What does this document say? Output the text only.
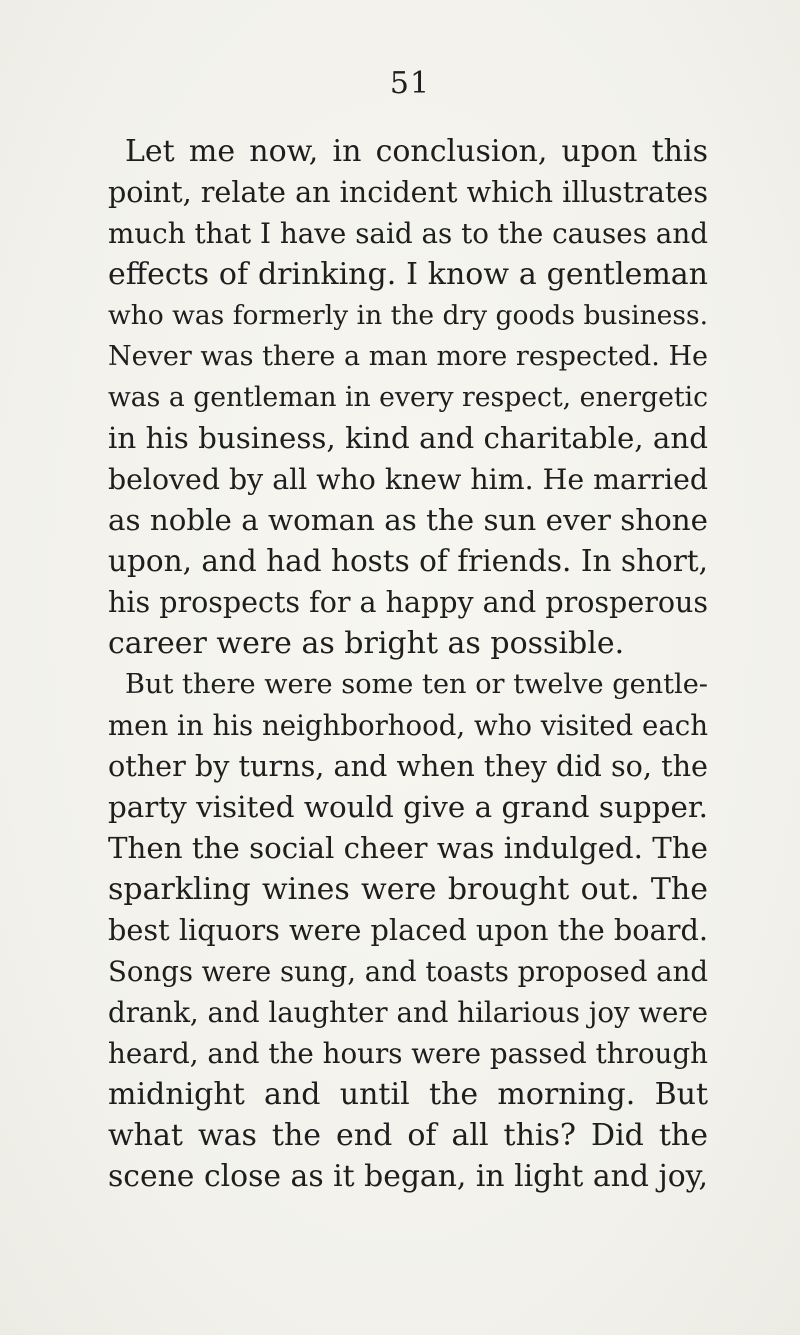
51
Let me now, in conclusion, upon this
point, relate an incident which illustrates
much that I have said as to the causes and
effects of drinking. I know a gentleman
who was formerly in the dry goods business.
Never was there a man more respected. He
was a gentleman in every respect, energetic
in his business, kind and charitable, and
beloved by all who knew him. He married
as noble a woman as the sun ever shone
upon, and had hosts of friends. In short,
his prospects for a happy and prosperous
career were as bright as possible.
But there were some ten or twelve gentle-
men in his neighborhood, who visited each
other by turns, and when they did so, the
party visited would give a grand supper.
Then the social cheer was indulged. The
sparkling wines were brought out. The
best liquors were placed upon the board.
Songs were sung, and toasts proposed and
drank, and laughter and hilarious joy were
heard, and the hours were passed through
midnight and until the morning. But
what was the end of all this? Did the
scene close as it began, in light and joy,
